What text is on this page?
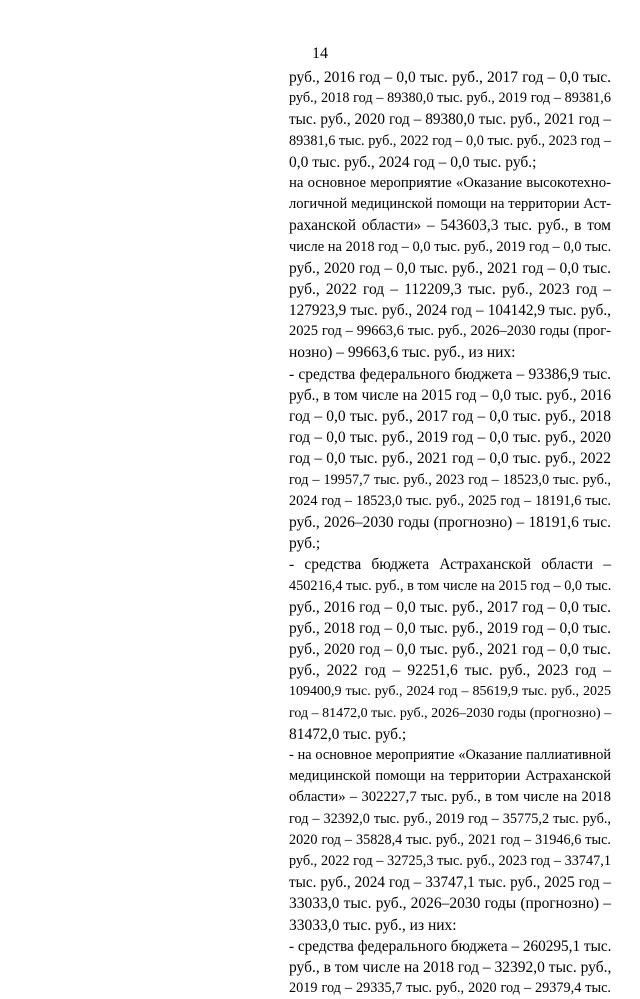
14
руб., 2016 год – 0,0 тыс. руб., 2017 год – 0,0 тыс.
руб., 2018 год – 89380,0 тыс. руб., 2019 год – 89381,6
тыс. руб., 2020 год – 89380,0 тыс. руб., 2021 год –
89381,6 тыс. руб., 2022 год – 0,0 тыс. руб., 2023 год –
0,0 тыс. руб., 2024 год – 0,0 тыс. руб.;
на основное мероприятие «Оказание высокотехно-
логичной медицинской помощи на территории Аст-
раханской области» – 543603,3 тыс. руб., в том
числе на 2018 год – 0,0 тыс. руб., 2019 год – 0,0 тыс.
руб., 2020 год – 0,0 тыс. руб., 2021 год – 0,0 тыс.
руб., 2022 год – 112209,3 тыс. руб., 2023 год –
127923,9 тыс. руб., 2024 год – 104142,9 тыс. руб.,
2025 год – 99663,6 тыс. руб., 2026–2030 годы (прог-
нозно) – 99663,6 тыс. руб., из них:
- средства федерального бюджета – 93386,9 тыс.
руб., в том числе на 2015 год – 0,0 тыс. руб., 2016
год – 0,0 тыс. руб., 2017 год – 0,0 тыс. руб., 2018
год – 0,0 тыс. руб., 2019 год – 0,0 тыс. руб., 2020
год – 0,0 тыс. руб., 2021 год – 0,0 тыс. руб., 2022
год – 19957,7 тыс. руб., 2023 год – 18523,0 тыс. руб.,
2024 год – 18523,0 тыс. руб., 2025 год – 18191,6 тыс.
руб., 2026–2030 годы (прогнозно) – 18191,6 тыс.
руб.;
- средства бюджета Астраханской области –
450216,4 тыс. руб., в том числе на 2015 год – 0,0 тыс.
руб., 2016 год – 0,0 тыс. руб., 2017 год – 0,0 тыс.
руб., 2018 год – 0,0 тыс. руб., 2019 год – 0,0 тыс.
руб., 2020 год – 0,0 тыс. руб., 2021 год – 0,0 тыс.
руб., 2022 год – 92251,6 тыс. руб., 2023 год –
109400,9 тыс. руб., 2024 год – 85619,9 тыс. руб., 2025
год – 81472,0 тыс. руб., 2026–2030 годы (прогнозно) –
81472,0 тыс. руб.;
- на основное мероприятие «Оказание паллиативной
медицинской помощи на территории Астраханской
области» – 302227,7 тыс. руб., в том числе на 2018
год – 32392,0 тыс. руб., 2019 год – 35775,2 тыс. руб.,
2020 год – 35828,4 тыс. руб., 2021 год – 31946,6 тыс.
руб., 2022 год – 32725,3 тыс. руб., 2023 год – 33747,1
тыс. руб., 2024 год – 33747,1 тыс. руб., 2025 год –
33033,0 тыс. руб., 2026–2030 годы (прогнозно) –
33033,0 тыс. руб., из них:
- средства федерального бюджета – 260295,1 тыс.
руб., в том числе на 2018 год – 32392,0 тыс. руб.,
2019 год – 29335,7 тыс. руб., 2020 год – 29379,4 тыс.
